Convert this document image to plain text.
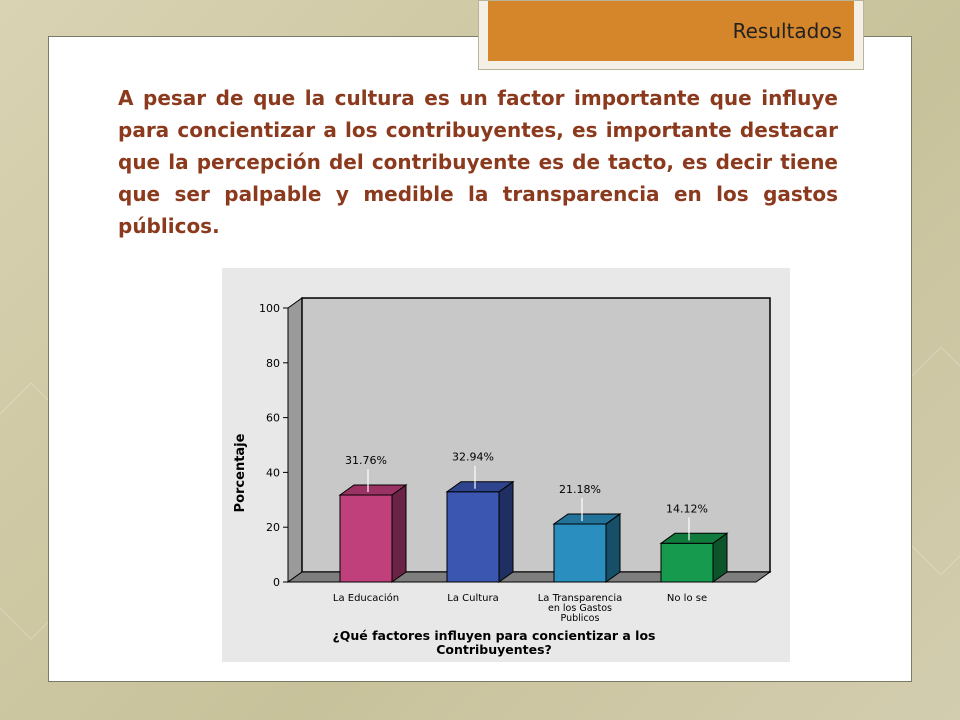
Resultados

A pesar de que la cultura es un factor importante que influye para concientizar a los contribuyentes, es importante destacar que la percepción del contribuyente es de tacto, es decir tiene que ser palpable y medible la transparencia en los gastos públicos.

0
20
40
60
80
100
Porcentaje	31.76%
La Educación
32.94%
La Cultura
21.18%
La Transparencia
en los Gastos
Publicos
14.12%
No lo se
¿Qué factores influyen para concientizar a los
Contribuyentes?
